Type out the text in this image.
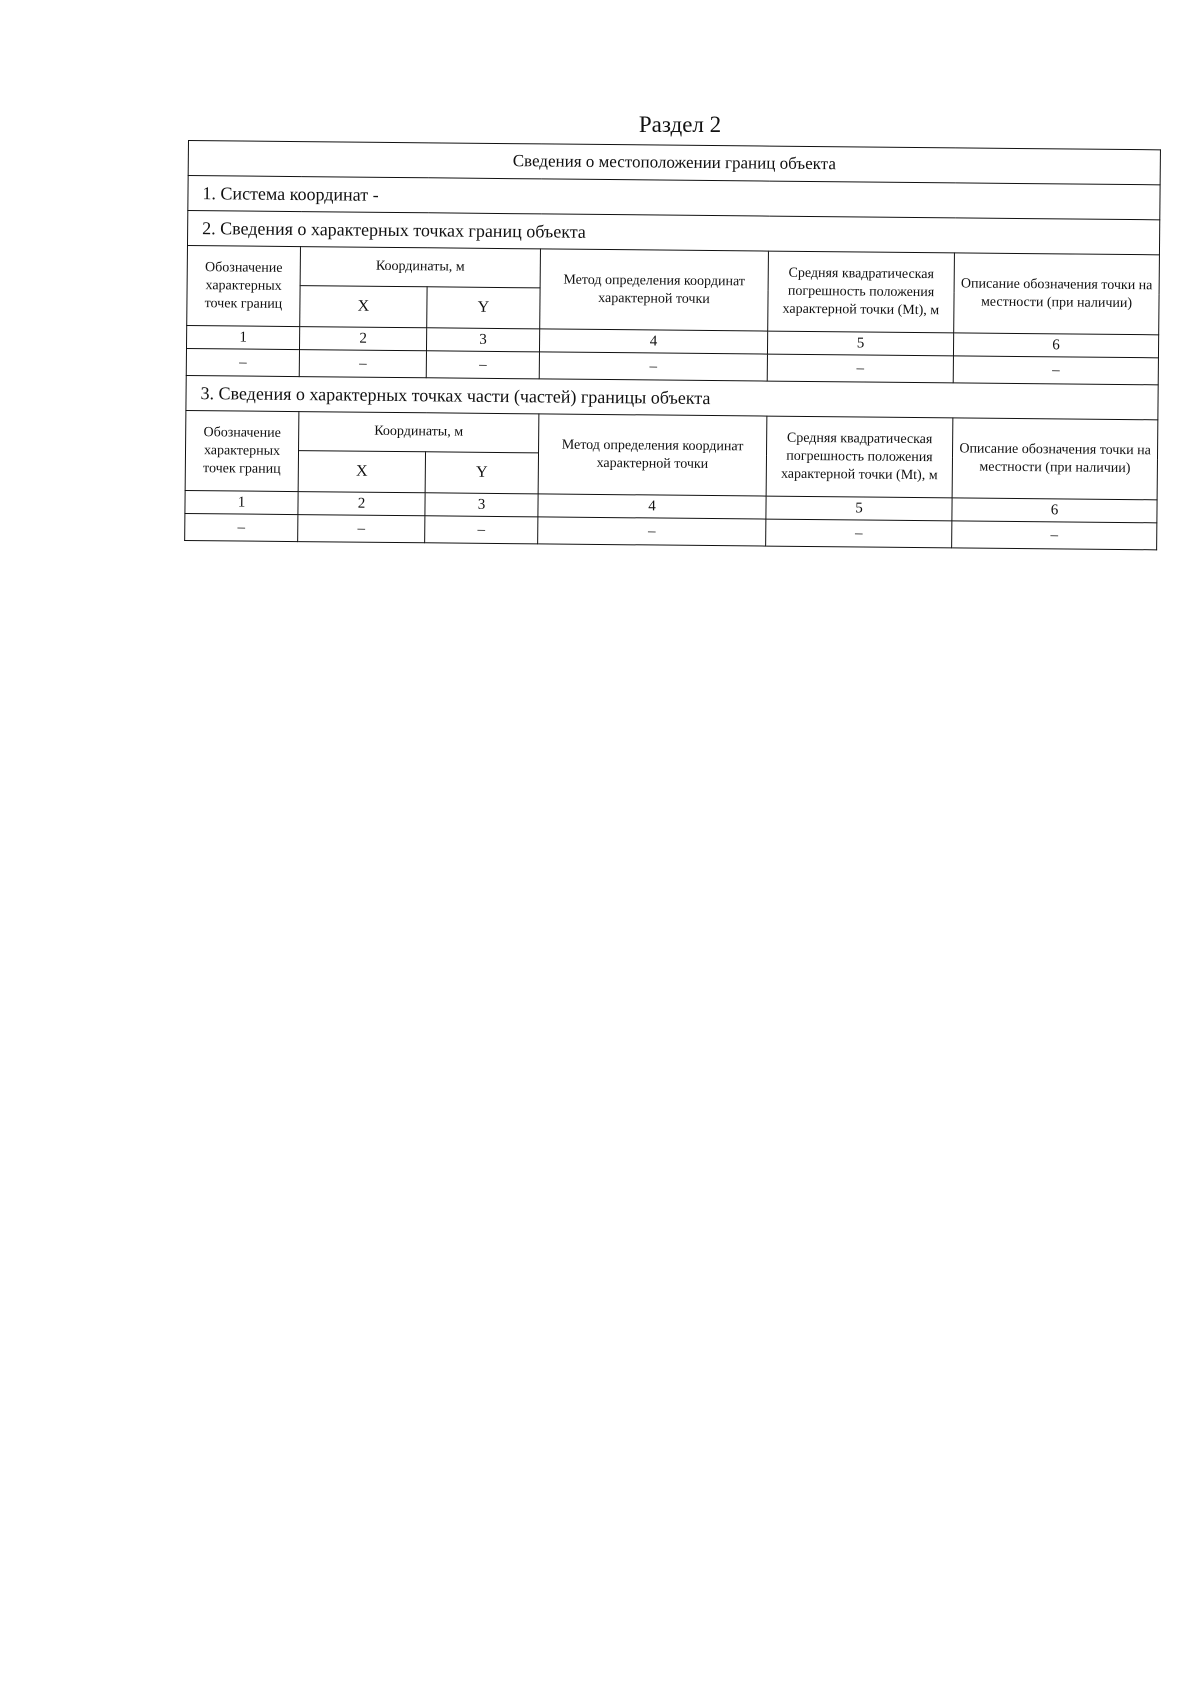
Раздел 2
Сведения о местоположении границ объекта					
1. Система координат -					
2. Сведения о характерных точках границ объекта					
Обозначение характерных точек границ	Координаты, м		Метод определения координат характерной точки	Средняя квадратическая погрешность положения характерной точки (Mt), м	Описание обозначения точки на местности (при наличии)
	X	Y			
1	2	3	4	5	6
–	–	–	–	–	–
3. Сведения о характерных точках части (частей) границы объекта					
Обозначение характерных точек границ	Координаты, м		Метод определения координат характерной точки	Средняя квадратическая погрешность положения характерной точки (Mt), м	Описание обозначения точки на местности (при наличии)
	X	Y			
1	2	3	4	5	6
–	–	–	–	–	–
